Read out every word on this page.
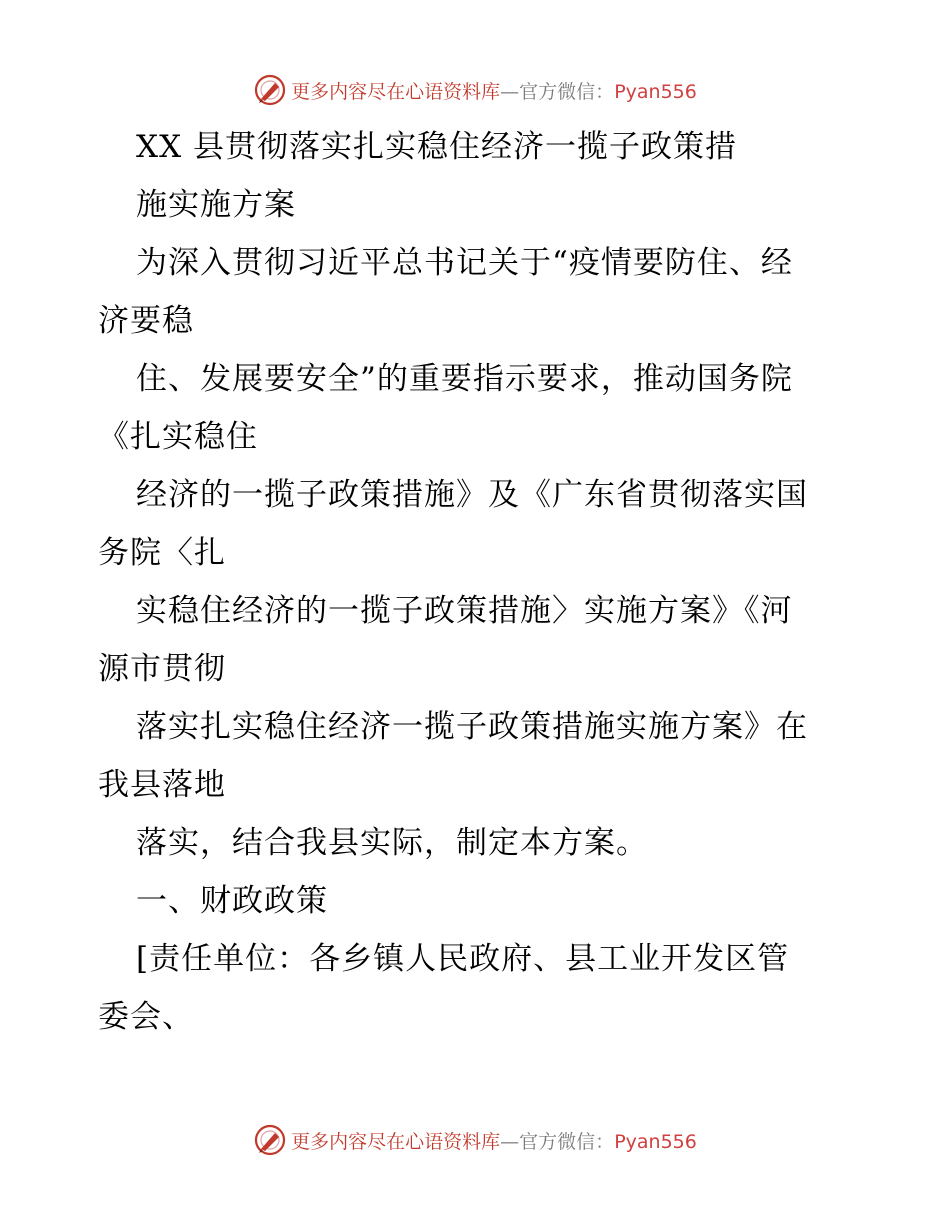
更多内容尽在心语资料库—官方微信：Pyan556
XX 县贯彻落实扎实稳住经济一揽子政策措
施实施方案
为深入贯彻习近平总书记关于“疫情要防住、经
济要稳
住、发展要安全”的重要指示要求，推动国务院
《扎实稳住
经济的一揽子政策措施》及《广东省贯彻落实国
务院〈扎
实稳住经济的一揽子政策措施〉实施方案》《河
源市贯彻
落实扎实稳住经济一揽子政策措施实施方案》在
我县落地
落实，结合我县实际，制定本方案。
一、财政政策
[责任单位：各乡镇人民政府、县工业开发区管
委会、
更多内容尽在心语资料库—官方微信：Pyan556
